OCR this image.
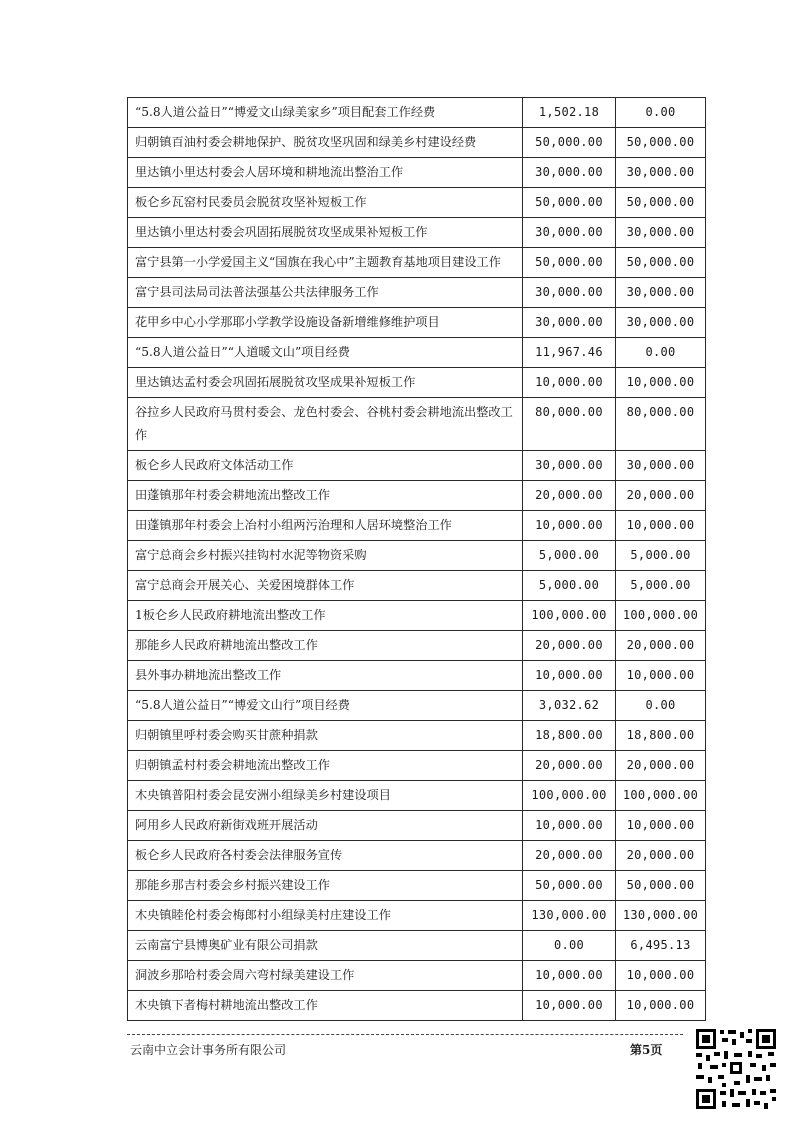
“5.8人道公益日”“博爱文山绿美家乡”项目配套工作经费	1,502.18	0.00
归朝镇百油村委会耕地保护、脱贫攻坚巩固和绿美乡村建设经费	50,000.00	50,000.00
里达镇小里达村委会人居环境和耕地流出整治工作	30,000.00	30,000.00
板仑乡瓦窑村民委员会脱贫攻坚补短板工作	50,000.00	50,000.00
里达镇小里达村委会巩固拓展脱贫攻坚成果补短板工作	30,000.00	30,000.00
富宁县第一小学爱国主义“国旗在我心中”主题教育基地项目建设工作	50,000.00	50,000.00
富宁县司法局司法普法强基公共法律服务工作	30,000.00	30,000.00
花甲乡中心小学那耶小学教学设施设备新增维修维护项目	30,000.00	30,000.00
“5.8人道公益日”“人道暖文山”项目经费	11,967.46	0.00
里达镇达孟村委会巩固拓展脱贫攻坚成果补短板工作	10,000.00	10,000.00
谷拉乡人民政府马贯村委会、龙色村委会、谷桃村委会耕地流出整改工作	80,000.00	80,000.00
板仑乡人民政府文体活动工作	30,000.00	30,000.00
田蓬镇那年村委会耕地流出整改工作	20,000.00	20,000.00
田蓬镇那年村委会上冶村小组两污治理和人居环境整治工作	10,000.00	10,000.00
富宁总商会乡村振兴挂钩村水泥等物资采购	5,000.00	5,000.00
富宁总商会开展关心、关爱困境群体工作	5,000.00	5,000.00
1板仑乡人民政府耕地流出整改工作	100,000.00	100,000.00
那能乡人民政府耕地流出整改工作	20,000.00	20,000.00
县外事办耕地流出整改工作	10,000.00	10,000.00
“5.8人道公益日”“博爱文山行”项目经费	3,032.62	0.00
归朝镇里呼村委会购买甘蔗种捐款	18,800.00	18,800.00
归朝镇孟村村委会耕地流出整改工作	20,000.00	20,000.00
木央镇普阳村委会昆安洲小组绿美乡村建设项目	100,000.00	100,000.00
阿用乡人民政府新街戏班开展活动	10,000.00	10,000.00
板仑乡人民政府各村委会法律服务宣传	20,000.00	20,000.00
那能乡那吉村委会乡村振兴建设工作	50,000.00	50,000.00
木央镇睦伦村委会梅郎村小组绿美村庄建设工作	130,000.00	130,000.00
云南富宁县博奥矿业有限公司捐款	0.00	6,495.13
洞波乡那哈村委会周六弯村绿美建设工作	10,000.00	10,000.00
木央镇下者梅村耕地流出整改工作	10,000.00	10,000.00
云南中立会计事务所有限公司	第5页
